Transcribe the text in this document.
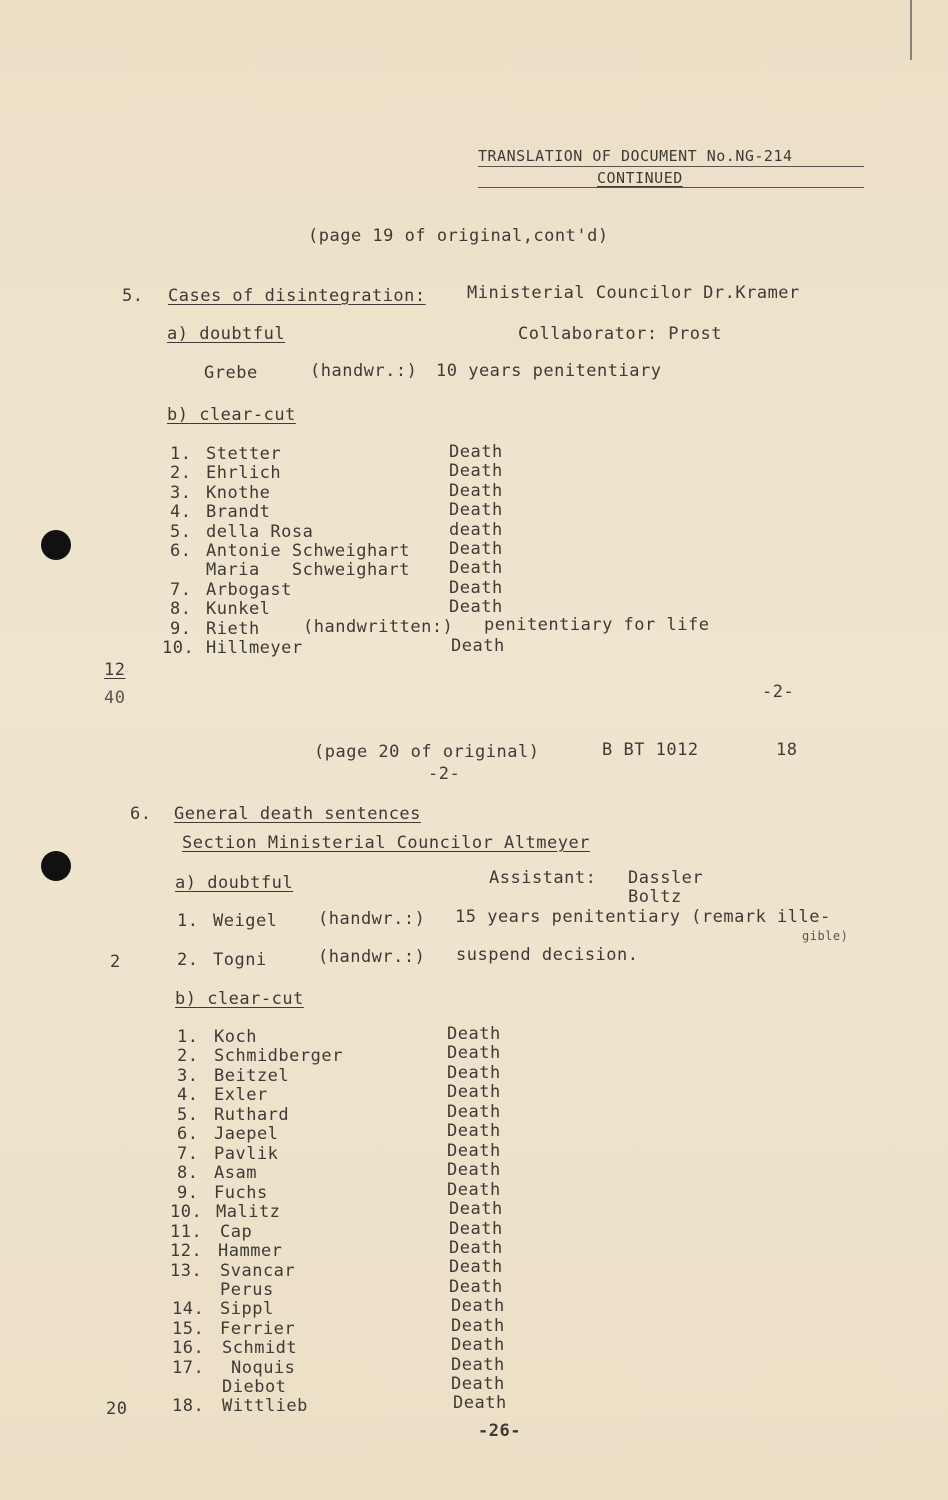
TRANSLATION OF DOCUMENT No.NG-214
CONTINUED
(page 19 of original,cont'd)
5. Cases of disintegration: Ministerial Councilor Dr.Kramer
a) doubtful	Collaborator: Prost
Grebe	(handwr.:) 10 years penitentiary
b) clear-cut
1. Stetter	Death
2. Ehrlich	Death
3. Knothe	Death
4. Brandt	Death
5. della Rosa	death
6. Antonie Schweighart Death
Maria   Schweighart Death
7. Arbogast	Death
8. Kunkel	Death
9. Rieth	(handwritten:) penitentiary for life
10. Hillmeyer	Death
12
40	-2-
(page 20 of original)	B BT 1012	18
-2-
6. General death sentences
Section Ministerial Councilor Altmeyer
a) doubtful	Assistant: Dassler
Boltz
1. Weigel (handwr.:) 15 years penitentiary (remark ille-
gible)
2	2. Togni	(handwr.:) suspend decision.
b) clear-cut
1. Koch	Death
2. Schmidberger	Death
3. Beitzel	Death
4. Exler	Death
5. Ruthard	Death
6. Jaepel	Death
7. Pavlik	Death
8. Asam	Death
9. Fuchs	Death
10. Malitz	Death
11. Cap	Death
12. Hammer	Death
13. Svancar	Death
Perus	Death
14. Sippl	Death
15. Ferrier	Death
16. Schmidt	Death
17. Noquis	Death
Diebot	Death
20	18. Wittlieb	Death
-26-
